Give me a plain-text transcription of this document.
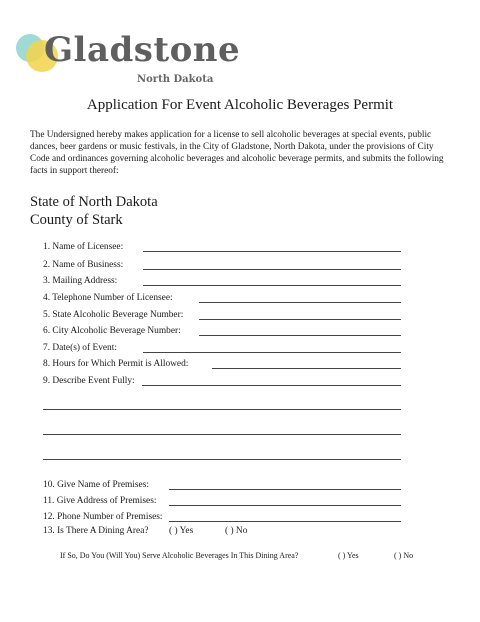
Gladstone
North Dakota
Application For Event Alcoholic Beverages Permit
The Undersigned hereby makes application for a license to sell alcoholic beverages at special events, public dances, beer gardens or music festivals, in the City of Gladstone, North Dakota, under the provisions of City Code and ordinances governing alcoholic beverages and alcoholic beverage permits, and submits the following facts in support thereof:
State of North Dakota
County of Stark
1. Name of Licensee:
2. Name of Business:
3. Mailing Address:
4. Telephone Number of Licensee:
5. State Alcoholic Beverage Number:
6. City Alcoholic Beverage Number:
7. Date(s) of Event:
8. Hours for Which Permit is Allowed:
9. Describe Event Fully:
10. Give Name of Premises:
11. Give Address of Premises:
12. Phone Number of Premises:
13. Is There A Dining Area? ( ) Yes	( ) No
If So, Do You (Will You) Serve Alcoholic Beverages In This Dining Area?	( ) Yes	( ) No
